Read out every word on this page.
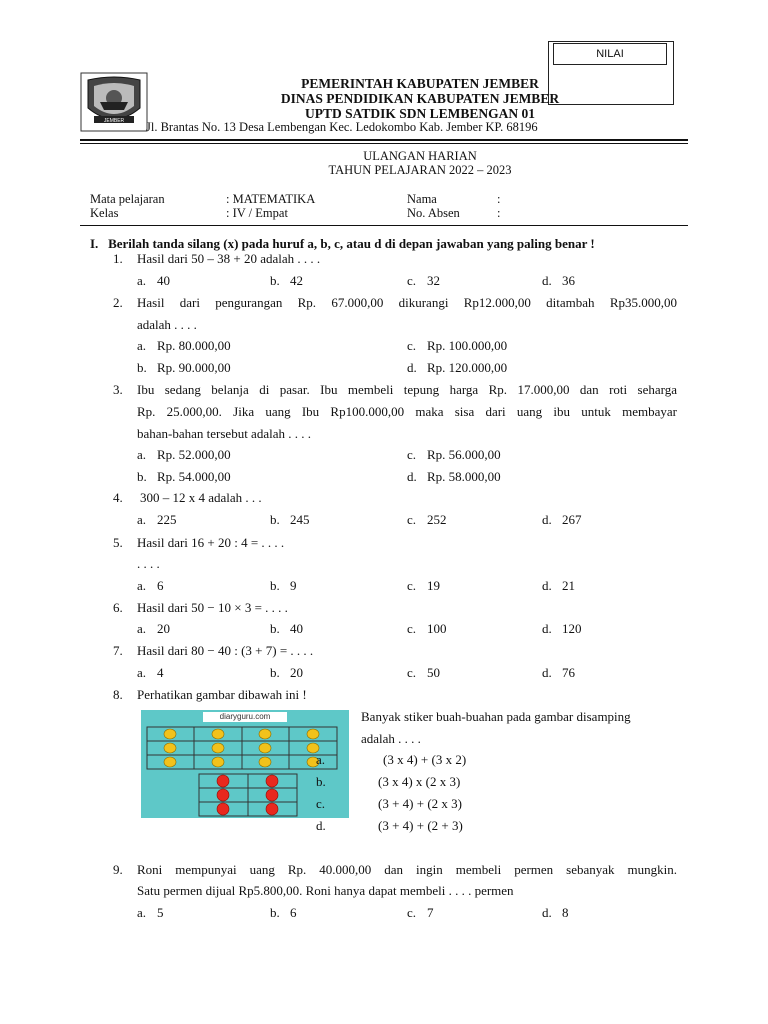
NILAI
JEMBER
PEMERINTAH KABUPATEN JEMBER
DINAS PENDIDIKAN KABUPATEN JEMBER
UPTD SATDIK SDN LEMBENGAN 01
Jl. Brantas No. 13 Desa Lembengan Kec. Ledokombo Kab. Jember KP. 68196
ULANGAN HARIAN
TAHUN PELAJARAN 2022 – 2023
Mata pelajaran	: MATEMATIKA	Nama	:
Kelas	: IV / Empat	No. Absen	:
I. Berilah tanda silang (x) pada huruf a, b, c, atau d di depan jawaban yang paling benar !
1. Hasil dari 50 – 38 + 20 adalah . . . .
a. 40	b. 42	c. 32	d. 36
2. Hasil dari pengurangan Rp. 67.000,00 dikurangi Rp12.000,00 ditambah Rp35.000,00
adalah . . . .
a. Rp. 80.000,00	c. Rp. 100.000,00
b. Rp. 90.000,00	d. Rp. 120.000,00
3. Ibu sedang belanja di pasar. Ibu membeli tepung harga Rp. 17.000,00 dan roti seharga
Rp. 25.000,00. Jika uang Ibu Rp100.000,00 maka sisa dari uang ibu untuk membayar
bahan-bahan tersebut adalah . . . .
a. Rp. 52.000,00	c. Rp. 56.000,00
b. Rp. 54.000,00	d. Rp. 58.000,00
4. 300 – 12 x 4 adalah . . .
a. 225	b. 245	c. 252	d. 267
5. Hasil dari 16 + 20 : 4 = . . . .
. . . .
a. 6	b. 9	c. 19	d. 21
6. Hasil dari 50 − 10 × 3 = . . . .
a. 20	b. 40	c. 100	d. 120
7. Hasil dari 80 − 40 : (3 + 7) = . . . .
a. 4	b. 20	c. 50	d. 76
8. Perhatikan gambar dibawah ini !
diaryguru.com	Banyak stiker buah-buahan pada gambar disamping
adalah . . . .
a.	(3 x 4) + (3 x 2)
b.	(3 x 4) x (2 x 3)
c.	(3 + 4) + (2 x 3)
d.	(3 + 4) + (2 + 3)
9. Roni mempunyai uang Rp. 40.000,00 dan ingin membeli permen sebanyak mungkin.
Satu permen dijual Rp5.800,00. Roni hanya dapat membeli . . . . permen
a. 5	b. 6	c. 7	d. 8
